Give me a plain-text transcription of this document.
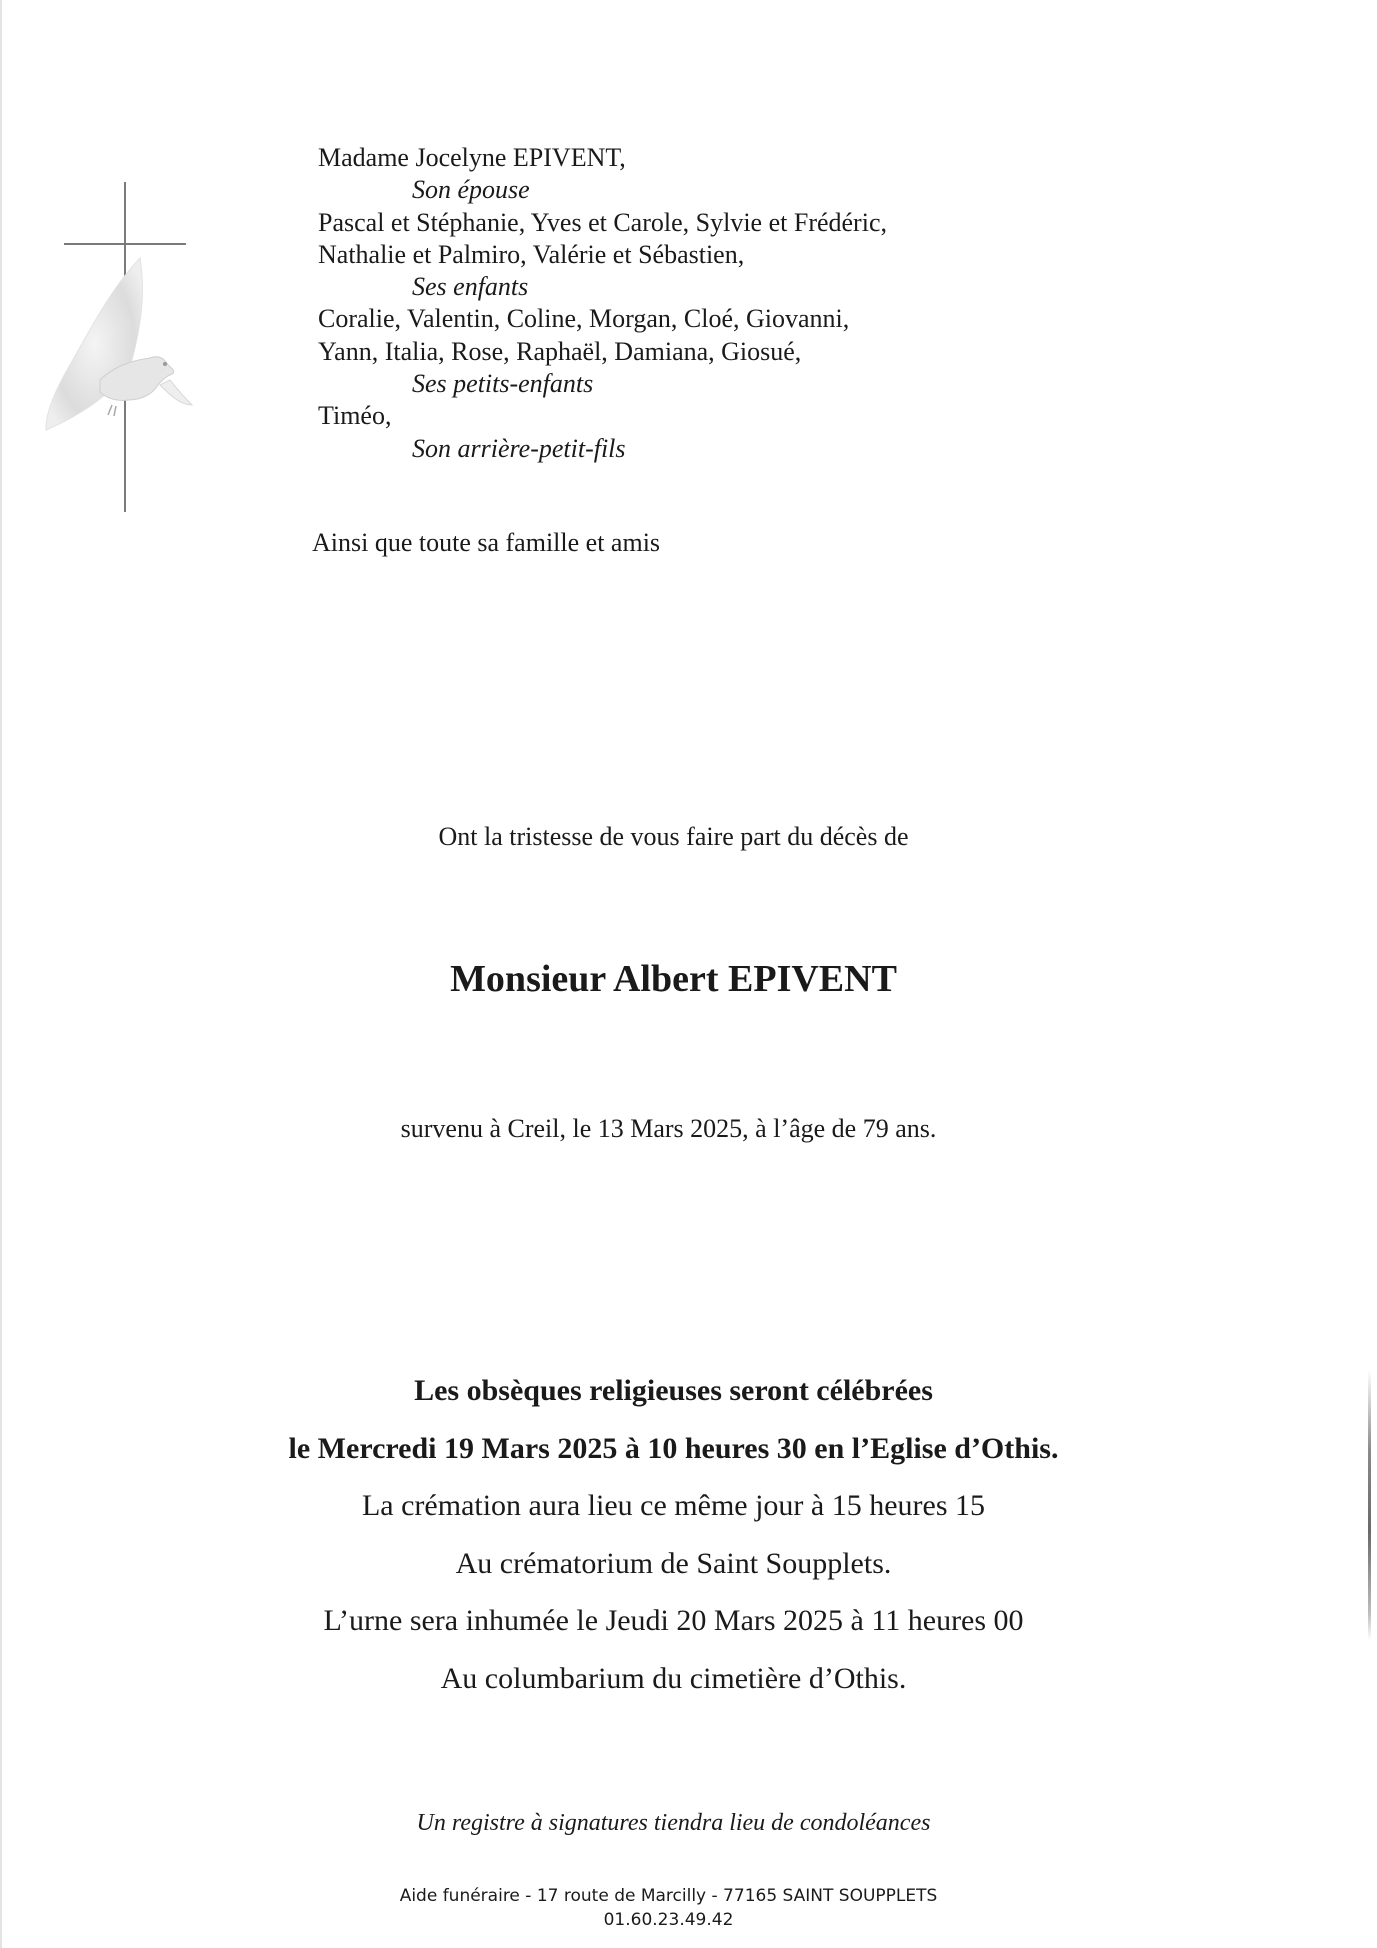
Madame Jocelyne EPIVENT,
Son épouse
Pascal et Stéphanie, Yves et Carole, Sylvie et Frédéric,
Nathalie et Palmiro, Valérie et Sébastien,
Ses enfants
Coralie, Valentin, Coline, Morgan, Cloé, Giovanni,
Yann, Italia, Rose, Raphaël, Damiana, Giosué,
Ses petits-enfants
Timéo,
Son arrière-petit-fils
Ainsi que toute sa famille et amis
Ont la tristesse de vous faire part du décès de
Monsieur Albert EPIVENT
survenu à Creil, le 13 Mars 2025, à l’âge de 79 ans.
Les obsèques religieuses seront célébrées
le Mercredi 19 Mars 2025 à 10 heures 30 en l’Eglise d’Othis.
La crémation aura lieu ce même jour à 15 heures 15
Au crématorium de Saint Soupplets.
L’urne sera inhumée le Jeudi 20 Mars 2025 à 11 heures 00
Au columbarium du cimetière d’Othis.
Un registre à signatures tiendra lieu de condoléances
Aide funéraire - 17 route de Marcilly - 77165 SAINT SOUPPLETS
01.60.23.49.42
